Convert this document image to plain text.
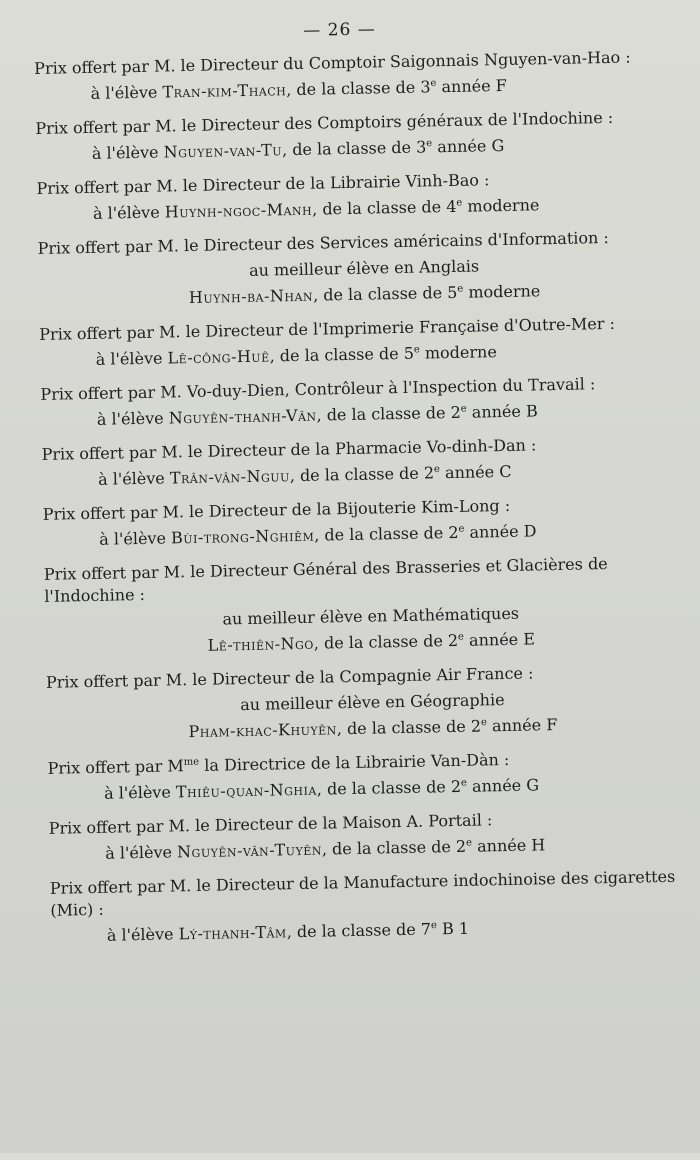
— 26 —
Prix offert par M. le Directeur du Comptoir Saigonnais Nguyen-van-Hao :
à l'élève Tran-kim-Thach, de la classe de 3e année F
Prix offert par M. le Directeur des Comptoirs généraux de l'Indochine :
à l'élève Nguyen-van-Tu, de la classe de 3e année G
Prix offert par M. le Directeur de la Librairie Vinh-Bao :
à l'élève Huynh-ngoc-Manh, de la classe de 4e moderne
Prix offert par M. le Directeur des Services américains d'Information :
au meilleur élève en Anglais
Huynh-ba-Nhan, de la classe de 5e moderne
Prix offert par M. le Directeur de l'Imprimerie Française d'Outre-Mer :
à l'élève Lê-công-Huê, de la classe de 5e moderne
Prix offert par M. Vo-duy-Dien, Contrôleur à l'Inspection du Travail :
à l'élève Nguyên-thanh-Vân, de la classe de 2e année B
Prix offert par M. le Directeur de la Pharmacie Vo-dinh-Dan :
à l'élève Trân-vân-Nguu, de la classe de 2e année C
Prix offert par M. le Directeur de la Bijouterie Kim-Long :
à l'élève Bùi-trong-Nghiêm, de la classe de 2e année D
Prix offert par M. le Directeur Général des Brasseries et Glacières de l'Indochine :
au meilleur élève en Mathématiques
Lê-thiên-Ngo, de la classe de 2e année E
Prix offert par M. le Directeur de la Compagnie Air France :
au meilleur élève en Géographie
Pham-khac-Khuyên, de la classe de 2e année F
Prix offert par $M^{me}$ la Directrice de la Librairie Van-Dàn :
à l'élève Thiêu-quan-Nghia, de la classe de 2e année G
Prix offert par M. le Directeur de la Maison A. Portail :
à l'élève Nguyên-vân-Tuyên, de la classe de 2e année H
Prix offert par M. le Directeur de la Manufacture indochinoise des cigarettes (Mic) :
à l'élève Lý-thanh-Tâm, de la classe de 7e B 1
